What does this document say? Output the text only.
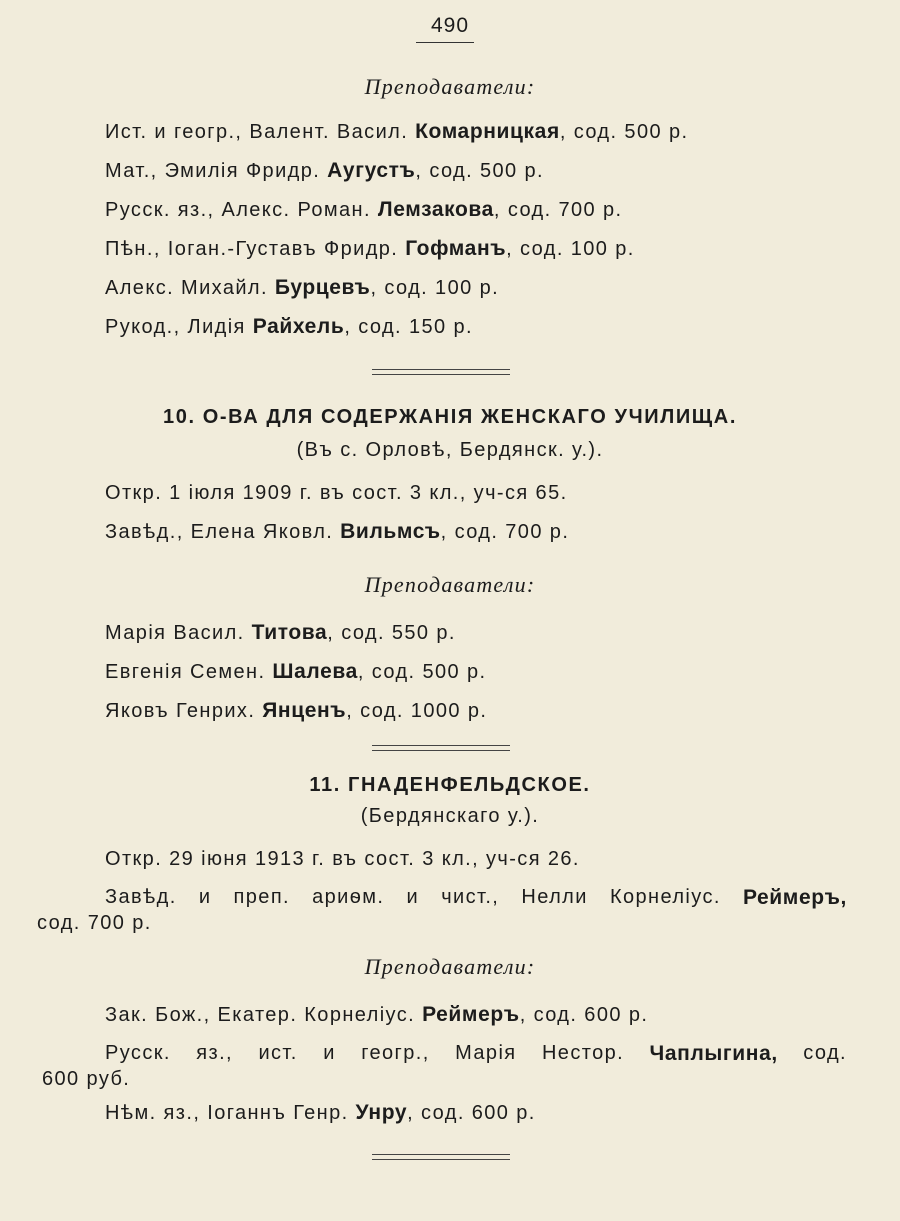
490
Преподаватели:
Ист. и геогр., Валент. Васил. Комарницкая, сод. 500 р.
Мат., Эмилія Фридр. Аугустъ, сод. 500 р.
Русск. яз., Алекс. Роман. Лемзакова, сод. 700 р.
Пѣн., Іоган.-Густавъ Фридр. Гофманъ, сод. 100 р.
Алекс. Михайл. Бурцевъ, сод. 100 р.
Рукод., Лидія Райхель, сод. 150 р.
10. О-ВА ДЛЯ СОДЕРЖАНІЯ ЖЕНСКАГО УЧИЛИЩА.
(Въ с. Орловѣ, Бердянск. у.).
Откр. 1 іюля 1909 г. въ сост. 3 кл., уч-ся 65.
Завѣд., Елена Яковл. Вильмсъ, сод. 700 р.
Преподаватели:
Марія Васил. Титова, сод. 550 р.
Евгенія Семен. Шалева, сод. 500 р.
Яковъ Генрих. Янценъ, сод. 1000 р.
11. ГНАДЕНФЕЛЬДСКОЕ.
(Бердянскаго у.).
Откр. 29 іюня 1913 г. въ сост. 3 кл., уч-ся 26.
Завѣд. и преп. ариѳм. и чист., Нелли Корнеліус. Реймеръ,
сод. 700 р.
Преподаватели:
Зак. Бож., Екатер. Корнеліус. Реймеръ, сод. 600 р.
Русск. яз., ист. и геогр., Марія Нестор. Чаплыгина, сод.
600 руб.
Нѣм. яз., Іоганнъ Генр. Унру, сод. 600 р.
